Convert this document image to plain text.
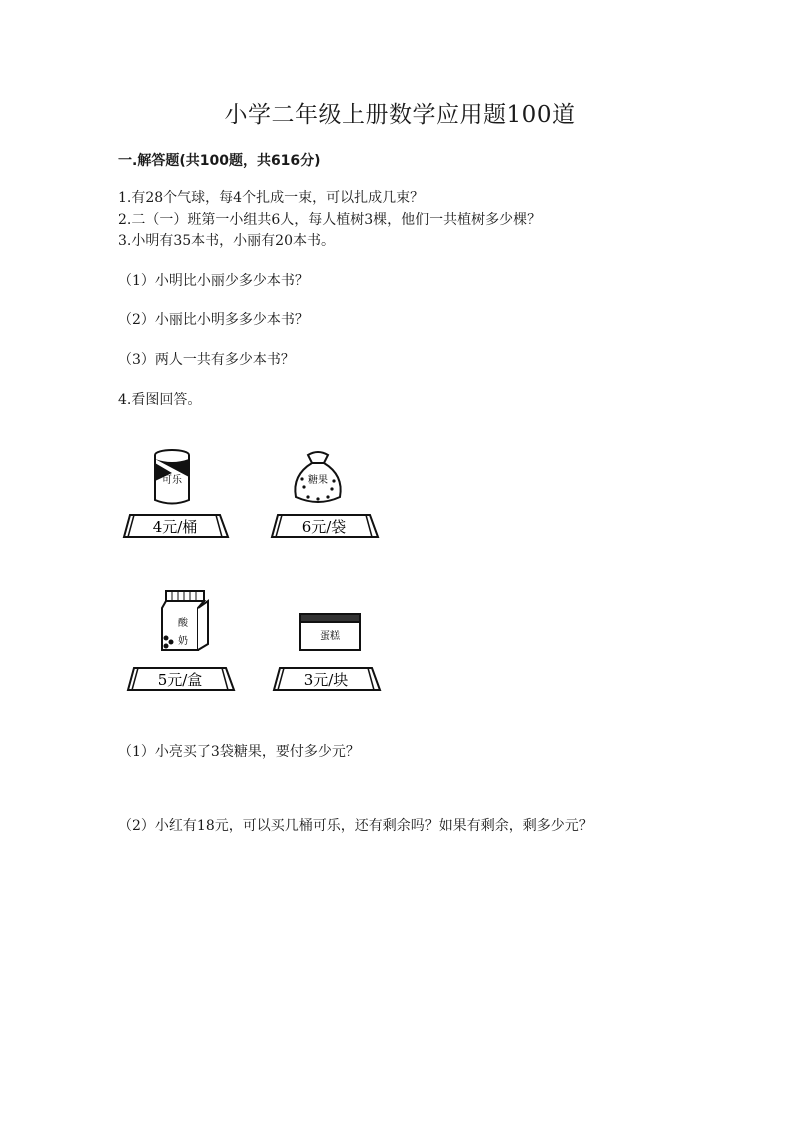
小学二年级上册数学应用题100道
一.解答题(共100题，共616分)
1.有28个气球，每4个扎成一束，可以扎成几束？
2.二（一）班第一小组共6人，每人植树3棵，他们一共植树多少棵？
3.小明有35本书，小丽有20本书。
（1）小明比小丽少多少本书？
（2）小丽比小明多多少本书？
（3）两人一共有多少本书？
4.看图回答。
可乐
4元/桶
糖果
6元/袋
酸
奶
5元/盒
蛋糕
3元/块
（1）小亮买了3袋糖果，要付多少元？
（2）小红有18元，可以买几桶可乐，还有剩余吗？如果有剩余，剩多少元？
